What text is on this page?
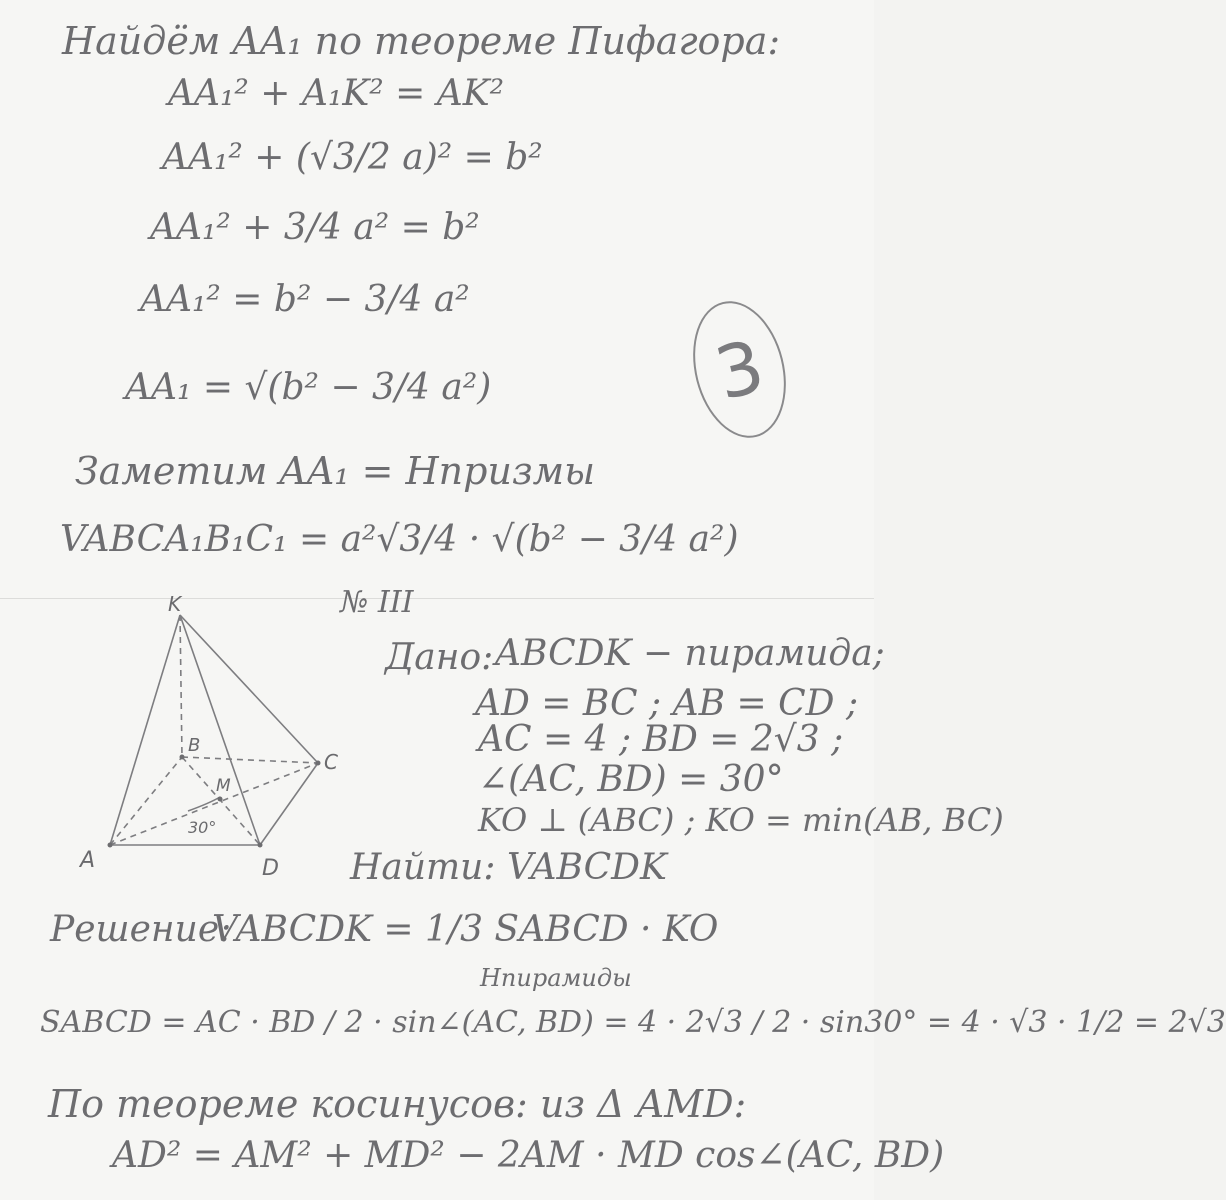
Найдём AA₁ по теореме Пифагора:
AA₁² + A₁K² = AK²
AA₁² + (√3/2 a)² = b²
AA₁² + 3/4 a² = b²
AA₁² = b² − 3/4 a²
AA₁ = √(b² − 3/4 a²)
Заметим AA₁ = Hпризмы
VABCA₁B₁C₁ = a²√3/4 · √(b² − 3/4 a²)
3
№ III
K
B
C
M
30°
A	D
Дано: ABCDK − пирамида;
AD = BC ; AB = CD ;
AC = 4 ; BD = 2√3 ;
∠(AC, BD) = 30°
KO ⊥ (ABC) ; KO = min(AB, BC)
Найти: VABCDK
Решение:
VABCDK = 1/3 SABCD · KO
Hпирамиды
SABCD = AC · BD / 2 · sin∠(AC, BD) = 4 · 2√3 / 2 · sin30° = 4 · √3 · 1/2 = 2√3
По теореме косинусов: из Δ AMD:
AD² = AM² + MD² − 2AM · MD cos∠(AC, BD)
